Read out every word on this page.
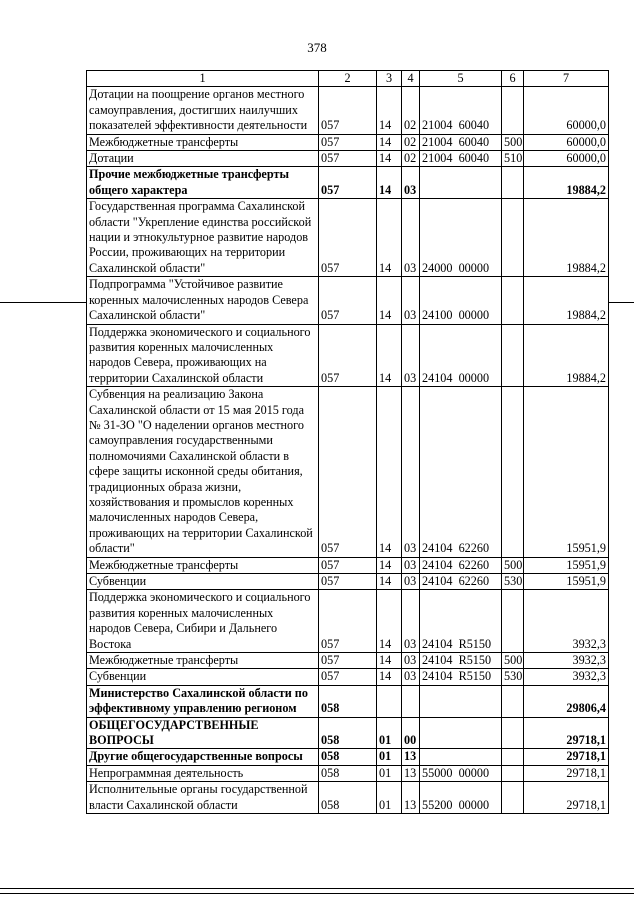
378
1	2	3	4	5	6	7
Дотации на поощрение органов местного самоуправления, достигших наилучших показателей эффективности деятельности	057	14	02	21004  60040		60000,0
Межбюджетные трансферты	057	14	02	21004  60040	500	60000,0
Дотации	057	14	02	21004  60040	510	60000,0
Прочие межбюджетные трансферты общего характера	057	14	03			19884,2
Государственная программа Сахалинской области "Укрепление единства российской нации и этнокультурное развитие народов России, проживающих на территории Сахалинской области"	057	14	03	24000  00000		19884,2
Подпрограмма "Устойчивое развитие коренных малочисленных народов Севера Сахалинской области"	057	14	03	24100  00000		19884,2
Поддержка экономического и социального развития коренных малочисленных народов Севера, проживающих на территории Сахалинской области	057	14	03	24104  00000		19884,2
Субвенция на реализацию Закона Сахалинской области от 15 мая 2015 года № 31-ЗО "О наделении органов местного самоуправления государственными полномочиями Сахалинской области в сфере защиты исконной среды обитания, традиционных образа жизни, хозяйствования и промыслов коренных малочисленных народов Севера, проживающих на территории Сахалинской области"	057	14	03	24104  62260		15951,9
Межбюджетные трансферты	057	14	03	24104  62260	500	15951,9
Субвенции	057	14	03	24104  62260	530	15951,9
Поддержка экономического и социального развития коренных малочисленных народов Севера, Сибири и Дальнего Востока	057	14	03	24104  R5150		3932,3
Межбюджетные трансферты	057	14	03	24104  R5150	500	3932,3
Субвенции	057	14	03	24104  R5150	530	3932,3
Министерство Сахалинской области по эффективному управлению регионом	058					29806,4
ОБЩЕГОСУДАРСТВЕННЫЕ ВОПРОСЫ	058	01	00			29718,1
Другие общегосударственные вопросы	058	01	13			29718,1
Непрограммная деятельность	058	01	13	55000  00000		29718,1
Исполнительные органы государственной власти Сахалинской области	058	01	13	55200  00000		29718,1
